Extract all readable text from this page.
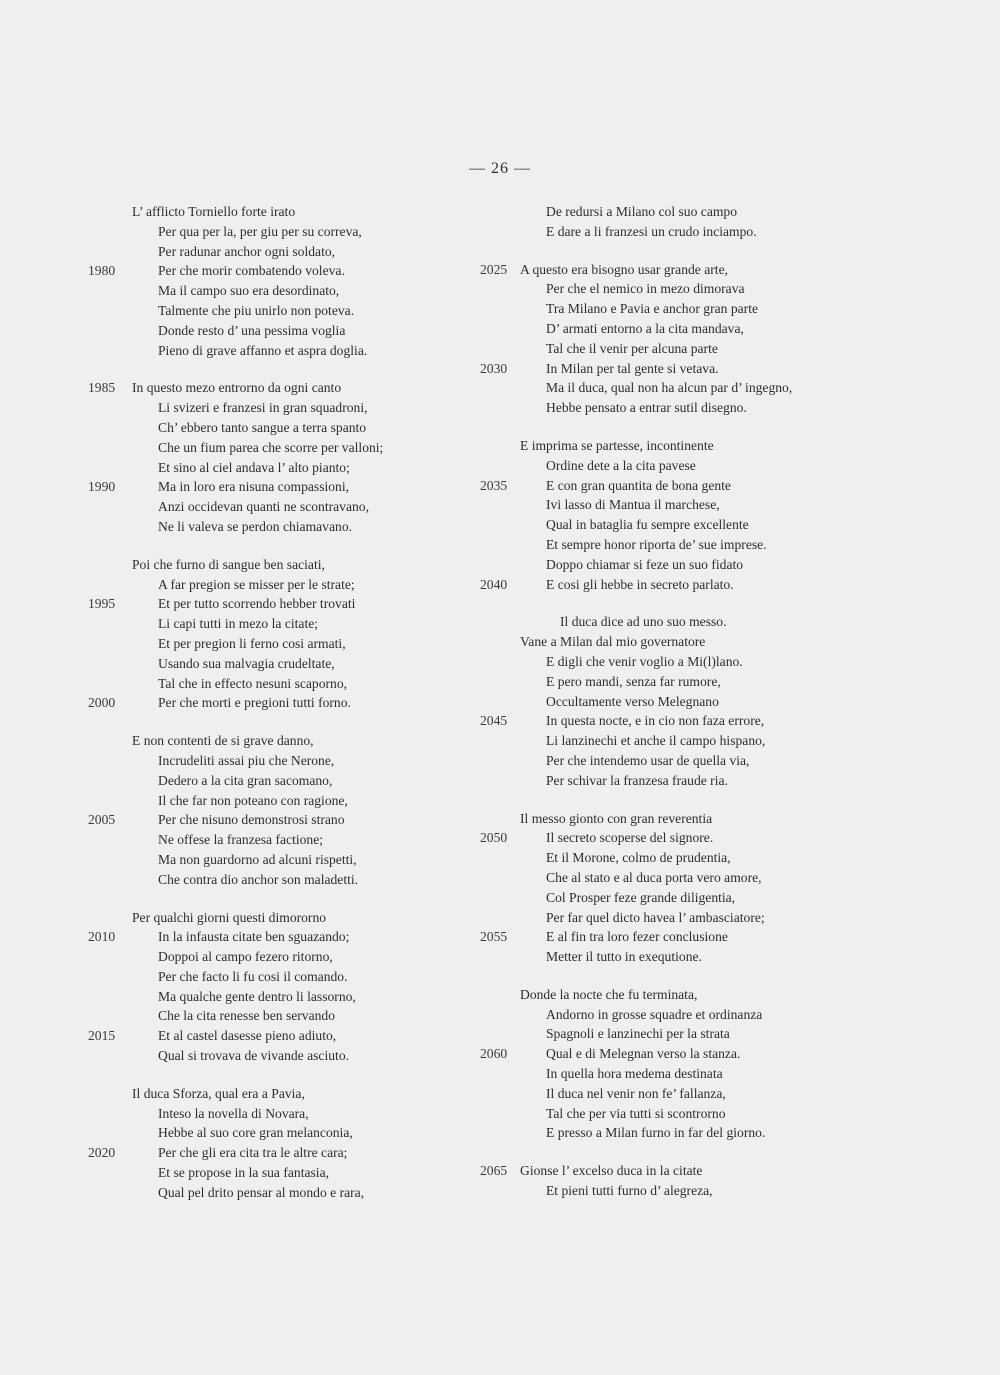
— 26 —
L’ afflicto Torniello forte irato
Per qua per la, per giu per su correva,
Per radunar anchor ogni soldato,
1980	Per che morir combatendo voleva.
Ma il campo suo era desordinato,
Talmente che piu unirlo non poteva.
Donde resto d’ una pessima voglia
Pieno di grave affanno et aspra doglia.
1985 In questo mezo entrorno da ogni canto
Li svizeri e franzesi in gran squadroni,
Ch’ ebbero tanto sangue a terra spanto
Che un fium parea che scorre per valloni;
Et sino al ciel andava l’ alto pianto;
1990	Ma in loro era nisuna compassioni,
Anzi occidevan quanti ne scontravano,
Ne li valeva se perdon chiamavano.
Poi che furno di sangue ben saciati,
A far pregion se misser per le strate;
1995	Et per tutto scorrendo hebber trovati
Li capi tutti in mezo la citate;
Et per pregion li ferno cosi armati,
Usando sua malvagia crudeltate,
Tal che in effecto nesuni scaporno,
2000	Per che morti e pregioni tutti forno.
E non contenti de si grave danno,
Incrudeliti assai piu che Nerone,
Dedero a la cita gran sacomano,
Il che far non poteano con ragione,
2005	Per che nisuno demonstrosi strano
Ne offese la franzesa factione;
Ma non guardorno ad alcuni rispetti,
Che contra dio anchor son maladetti.
Per qualchi giorni questi dimororno
2010	In la infausta citate ben sguazando;
Doppoi al campo fezero ritorno,
Per che facto li fu cosi il comando.
Ma qualche gente dentro li lassorno,
Che la cita renesse ben servando
2015	Et al castel dasesse pieno adiuto,
Qual si trovava de vivande asciuto.
Il duca Sforza, qual era a Pavia,
Inteso la novella di Novara,
Hebbe al suo core gran melanconia,
2020	Per che gli era cita tra le altre cara;
Et se propose in la sua fantasia,
Qual pel drito pensar al mondo e rara,
De redursi a Milano col suo campo
E dare a li franzesi un crudo inciampo.
2025 A questo era bisogno usar grande arte,
Per che el nemico in mezo dimorava
Tra Milano e Pavia e anchor gran parte
D’ armati entorno a la cita mandava,
Tal che il venir per alcuna parte
2030	In Milan per tal gente si vetava.
Ma il duca, qual non ha alcun par d’ ingegno,
Hebbe pensato a entrar sutil disegno.
E imprima se partesse, incontinente
Ordine dete a la cita pavese
2035	E con gran quantita de bona gente
Ivi lasso di Mantua il marchese,
Qual in bataglia fu sempre excellente
Et sempre honor riporta de’ sue imprese.
Doppo chiamar si feze un suo fidato
2040	E cosi gli hebbe in secreto parlato.
Il duca dice ad uno suo messo.
Vane a Milan dal mio governatore
E digli che venir voglio a Mi(l)lano.
E pero mandi, senza far rumore,
Occultamente verso Melegnano
2045	In questa nocte, e in cio non faza errore,
Li lanzinechi et anche il campo hispano,
Per che intendemo usar de quella via,
Per schivar la franzesa fraude ria.
Il messo gionto con gran reverentia
2050	Il secreto scoperse del signore.
Et il Morone, colmo de prudentia,
Che al stato e al duca porta vero amore,
Col Prosper feze grande diligentia,
Per far quel dicto havea l’ ambasciatore;
2055	E al fin tra loro fezer conclusione
Metter il tutto in exequtione.
Donde la nocte che fu terminata,
Andorno in grosse squadre et ordinanza
Spagnoli e lanzinechi per la strata
2060	Qual e di Melegnan verso la stanza.
In quella hora medema destinata
Il duca nel venir non fe’ fallanza,
Tal che per via tutti si scontrorno
E presso a Milan furno in far del giorno.
2065 Gionse l’ excelso duca in la citate
Et pieni tutti furno d’ alegreza,
